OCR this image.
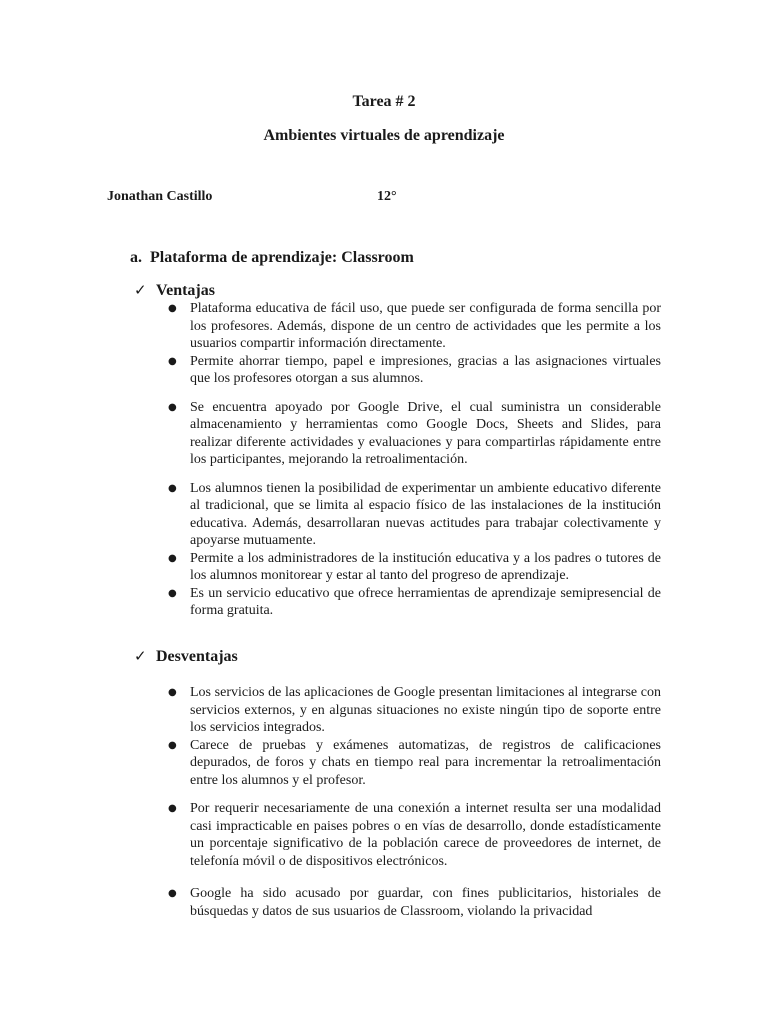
Tarea # 2
Ambientes virtuales de aprendizaje
Jonathan Castillo	12°
a. Plataforma de aprendizaje: Classroom
✓ Ventajas
● Plataforma educativa de fácil uso, que puede ser configurada de forma sencilla por los profesores. Además, dispone de un centro de actividades que les permite a los usuarios compartir información directamente.
● Permite ahorrar tiempo, papel e impresiones, gracias a las asignaciones virtuales que los profesores otorgan a sus alumnos.
● Se encuentra apoyado por Google Drive, el cual suministra un considerable almacenamiento y herramientas como Google Docs, Sheets and Slides, para realizar diferente actividades y evaluaciones y para compartirlas rápidamente entre los participantes, mejorando la retroalimentación.
● Los alumnos tienen la posibilidad de experimentar un ambiente educativo diferente al tradicional, que se limita al espacio físico de las instalaciones de la institución educativa. Además, desarrollaran nuevas actitudes para trabajar colectivamente y apoyarse mutuamente.
● Permite a los administradores de la institución educativa y a los padres o tutores de los alumnos monitorear y estar al tanto del progreso de aprendizaje.
● Es un servicio educativo que ofrece herramientas de aprendizaje semipresencial de forma gratuita.
✓ Desventajas
● Los servicios de las aplicaciones de Google presentan limitaciones al integrarse con servicios externos, y en algunas situaciones no existe ningún tipo de soporte entre los servicios integrados.
● Carece de pruebas y exámenes automatizas, de registros de calificaciones depurados, de foros y chats en tiempo real para incrementar la retroalimentación entre los alumnos y el profesor.
● Por requerir necesariamente de una conexión a internet resulta ser una modalidad casi impracticable en paises pobres o en vías de desarrollo, donde estadísticamente un porcentaje significativo de la población carece de proveedores de internet, de telefonía móvil o de dispositivos electrónicos.
● Google ha sido acusado por guardar, con fines publicitarios, historiales de búsquedas y datos de sus usuarios de Classroom, violando la privacidad
